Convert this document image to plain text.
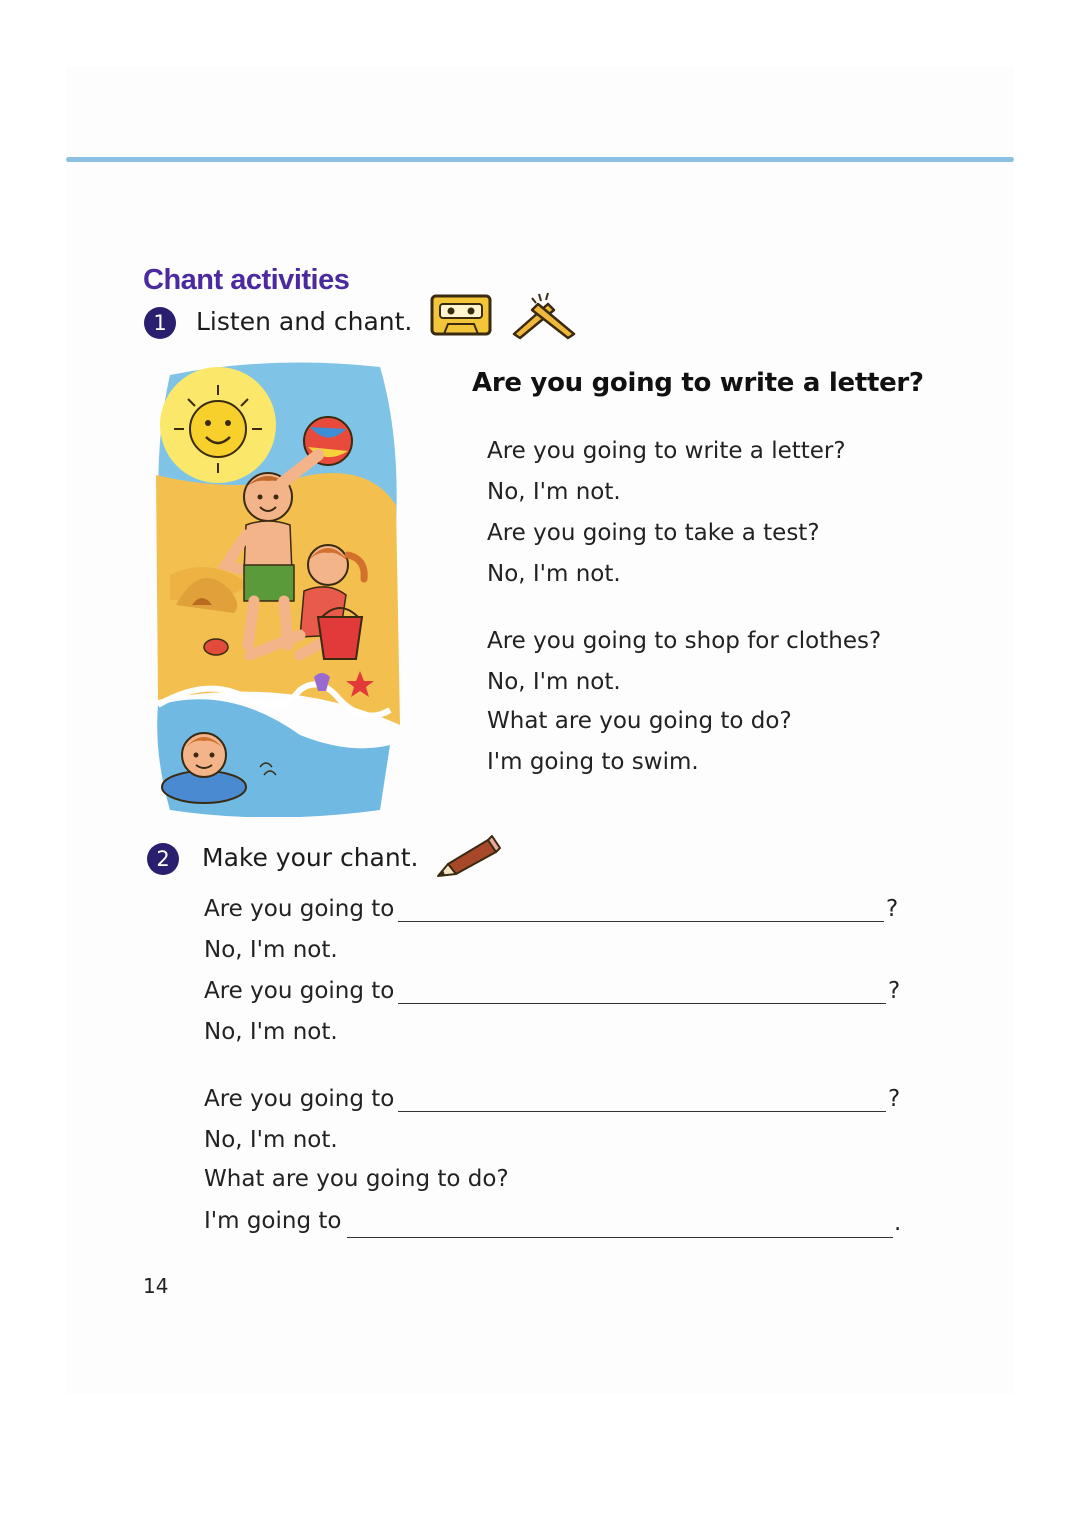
Chant activities
1	Listen and chant.
Are you going to write a letter?
Are you going to write a letter?
No, I'm not.
Are you going to take a test?
No, I'm not.
Are you going to shop for clothes?
No, I'm not.
What are you going to do?
I'm going to swim.
2	Make your chant.
Are you going to	?
No, I'm not.
Are you going to	?
No, I'm not.
Are you going to	?
No, I'm not.
What are you going to do?
I'm going to	.
14
